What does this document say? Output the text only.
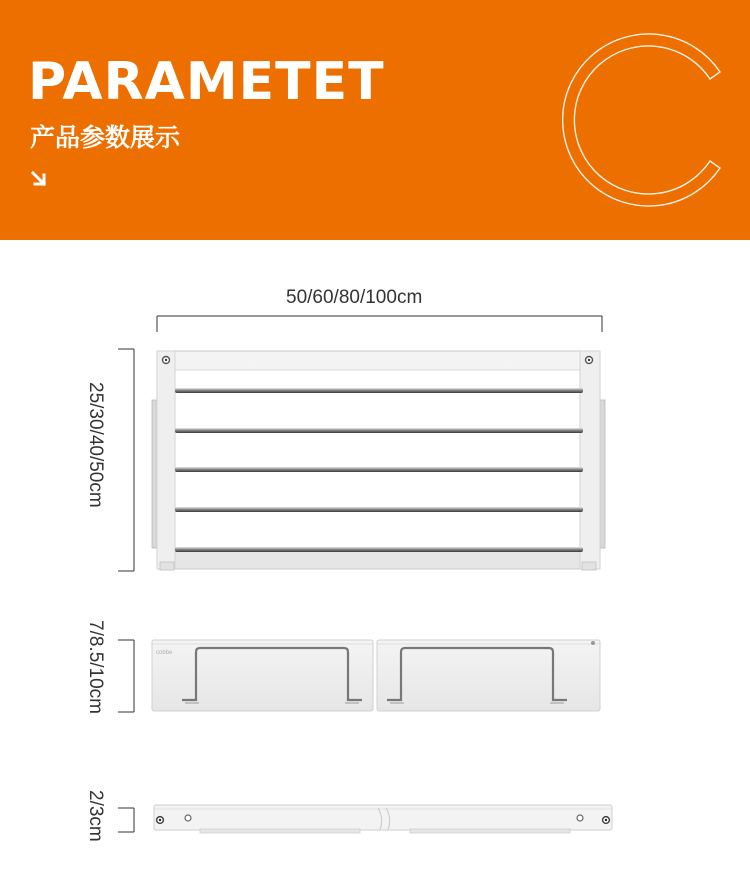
PARAMETET
产品参数展示
50/60/80/100cm
25/30/40/50cm
7/8.5/10cm
2/3cm
cobbe
